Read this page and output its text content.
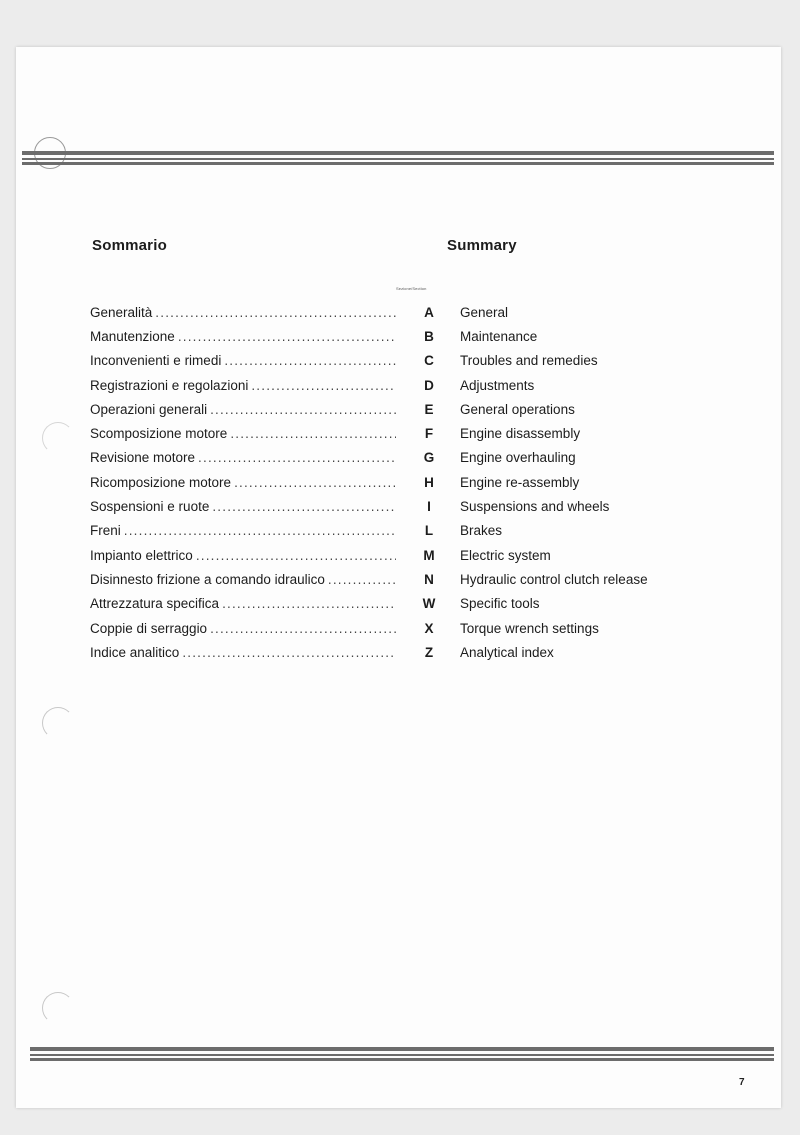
Sommario	Summary
Sezione/Section
Generalità .....	A	General
Manutenzione .....	B	Maintenance
Inconvenienti e rimedi .....	C	Troubles and remedies
Registrazioni e regolazioni .....	D	Adjustments
Operazioni generali .....	E	General operations
Scomposizione motore .....	F	Engine disassembly
Revisione motore .....	G	Engine overhauling
Ricomposizione motore .....	H	Engine re-assembly
Sospensioni e ruote .....	I	Suspensions and wheels
Freni .....	L	Brakes
Impianto elettrico .....	M	Electric system
Disinnesto frizione a comando idraulico .....	N	Hydraulic control clutch release
Attrezzatura specifica .....	W	Specific tools
Coppie di serraggio .....	X	Torque wrench settings
Indice analitico .....	Z	Analytical index
7
